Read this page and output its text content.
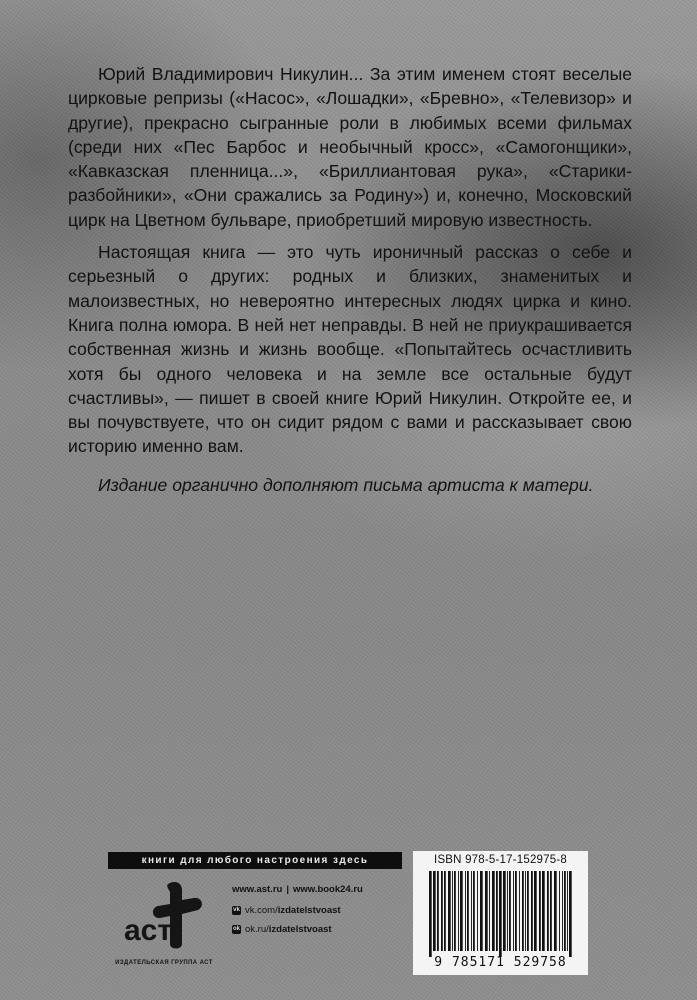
Юрий Владимирович Никулин... За этим именем стоят веселые цирковые репризы («Насос», «Лошадки», «Бревно», «Телевизор» и другие), прекрасно сыгранные роли в любимых всеми фильмах (среди них «Пес Барбос и необычный кросс», «Самогонщики», «Кавказская пленница...», «Бриллиантовая рука», «Старики-разбойники», «Они сражались за Родину») и, конечно, Московский цирк на Цветном бульваре, приобретший мировую известность.

Настоящая книга — это чуть ироничный рассказ о себе и серьезный о других: родных и близких, знаменитых и малоизвестных, но невероятно интересных людях цирка и кино. Книга полна юмора. В ней нет неправды. В ней не приукрашивается собственная жизнь и жизнь вообще. «Попытайтесь осчастливить хотя бы одного человека и на земле все остальные будут счастливы», — пишет в своей книге Юрий Никулин. Откройте ее, и вы почувствуете, что он сидит рядом с вами и рассказывает свою историю именно вам.

Издание органично дополняют письма артиста к матери.

книги для любого настроения здесь
аст
ИЗДАТЕЛЬСКАЯ ГРУППА АСТ
www.ast.ru | www.book24.ru
vk vk.com/ izdatelstvoast
ok ok.ru/ izdatelstvoast
ISBN 978-5-17-152975-8
9 785171 529758
